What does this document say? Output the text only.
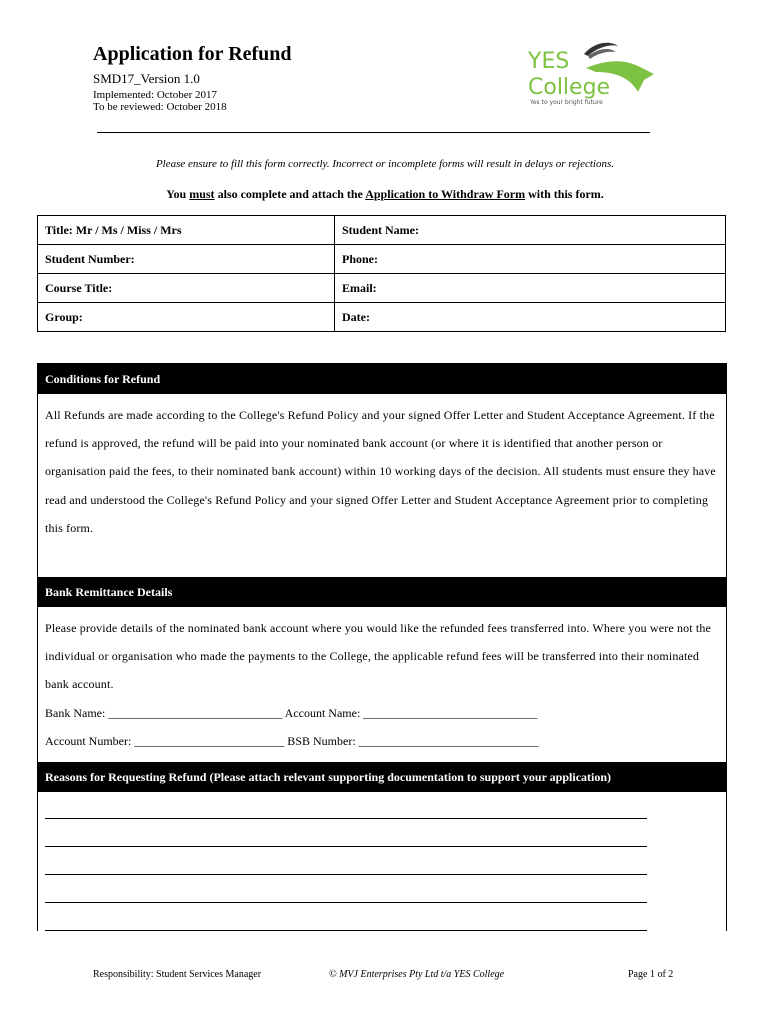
Application for Refund
SMD17_Version 1.0
Implemented: October 2017
To be reviewed: October 2018
YES
College
Yes to your bright future
Please ensure to fill this form correctly. Incorrect or incomplete forms will result in delays or rejections.
You must also complete and attach the Application to Withdraw Form with this form.
Title: Mr / Ms / Miss / Mrs	Student Name:
Student Number:	Phone:
Course Title:	Email:
Group:	Date:
Conditions for Refund
All Refunds are made according to the College's Refund Policy and your signed Offer Letter and Student Acceptance Agreement. If the refund is approved, the refund will be paid into your nominated bank account (or where it is identified that another person or organisation paid the fees, to their nominated bank account) within 10 working days of the decision. All students must ensure they have read and understood the College's Refund Policy and your signed Offer Letter and Student Acceptance Agreement prior to completing this form.
Bank Remittance Details
Please provide details of the nominated bank account where you would like the refunded fees transferred into. Where you were not the individual or organisation who made the payments to the College, the applicable refund fees will be transferred into their nominated bank account.
Bank Name: _____________________________ Account Name: _____________________________
Account Number: _________________________ BSB Number: ______________________________
Reasons for Requesting Refund (Please attach relevant supporting documentation to support your application)
Responsibility: Student Services Manager	© MVJ Enterprises Pty Ltd t/a YES College	Page 1 of 2
